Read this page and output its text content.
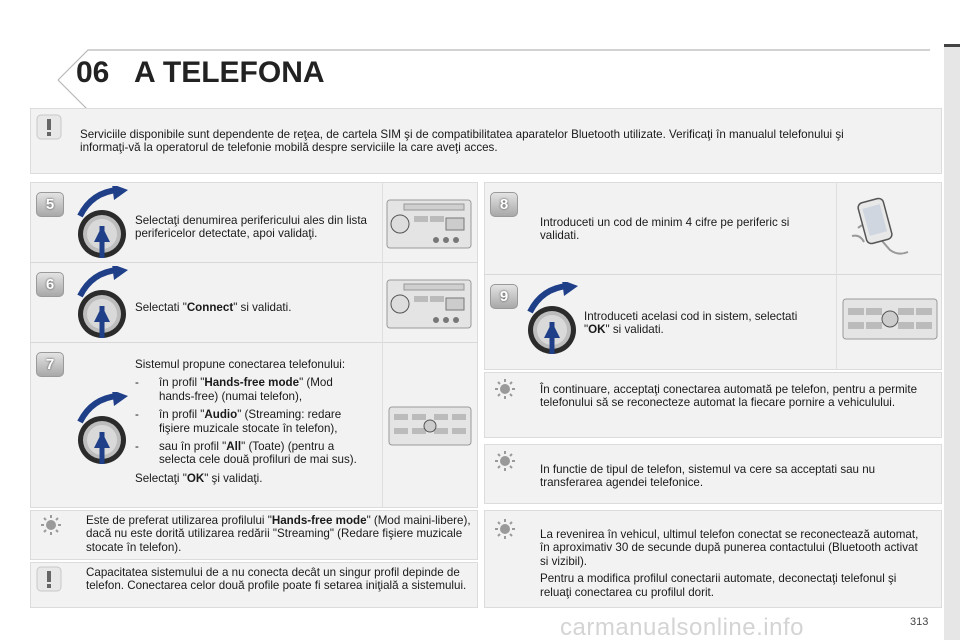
06 A TELEFONA
Serviciile disponibile sunt dependente de reţea, de cartela SIM şi de compatibilitatea aparatelor Bluetooth utilizate. Verificaţi în manualul telefonului şi informaţi-vă la operatorul de telefonie mobilă despre serviciile la care aveţi acces.
5
Selectaţi denumirea perifericului ales din lista perifericelor detectate, apoi validaţi.
6
Selectati "Connect" si validati.
7	Sistemul propune conectarea telefonului:
- în profil "Hands-free mode" (Mod hands-free) (numai telefon),
- în profil "Audio" (Streaming: redare fişiere muzicale stocate în telefon),
- sau în profil "All" (Toate) (pentru a selecta cele două profiluri de mai sus).
Selectaţi "OK" şi validaţi.
Este de preferat utilizarea profilului "Hands-free mode" (Mod maini-libere), dacă nu este dorită utilizarea redării "Streaming" (Redare fişiere muzicale stocate în telefon).
Capacitatea sistemului de a nu conecta decât un singur profil depinde de telefon. Conectarea celor două profile poate fi setarea iniţială a sistemului.
8
Introduceti un cod de minim 4 cifre pe periferic si validati.
9
Introduceti acelasi cod in sistem, selectati "OK" si validati.
În continuare, acceptaţi conectarea automată pe telefon, pentru a permite telefonului să se reconecteze automat la fiecare pornire a vehiculului.
In functie de tipul de telefon, sistemul va cere sa acceptati sau nu transferarea agendei telefonice.
La revenirea în vehicul, ultimul telefon conectat se reconectează automat, în aproximativ 30 de secunde după punerea contactului (Bluetooth activat si vizibil).
Pentru a modifica profilul conectarii automate, deconectaţi telefonul şi reluaţi conectarea cu profilul dorit.
carmanualsonline.info	313
